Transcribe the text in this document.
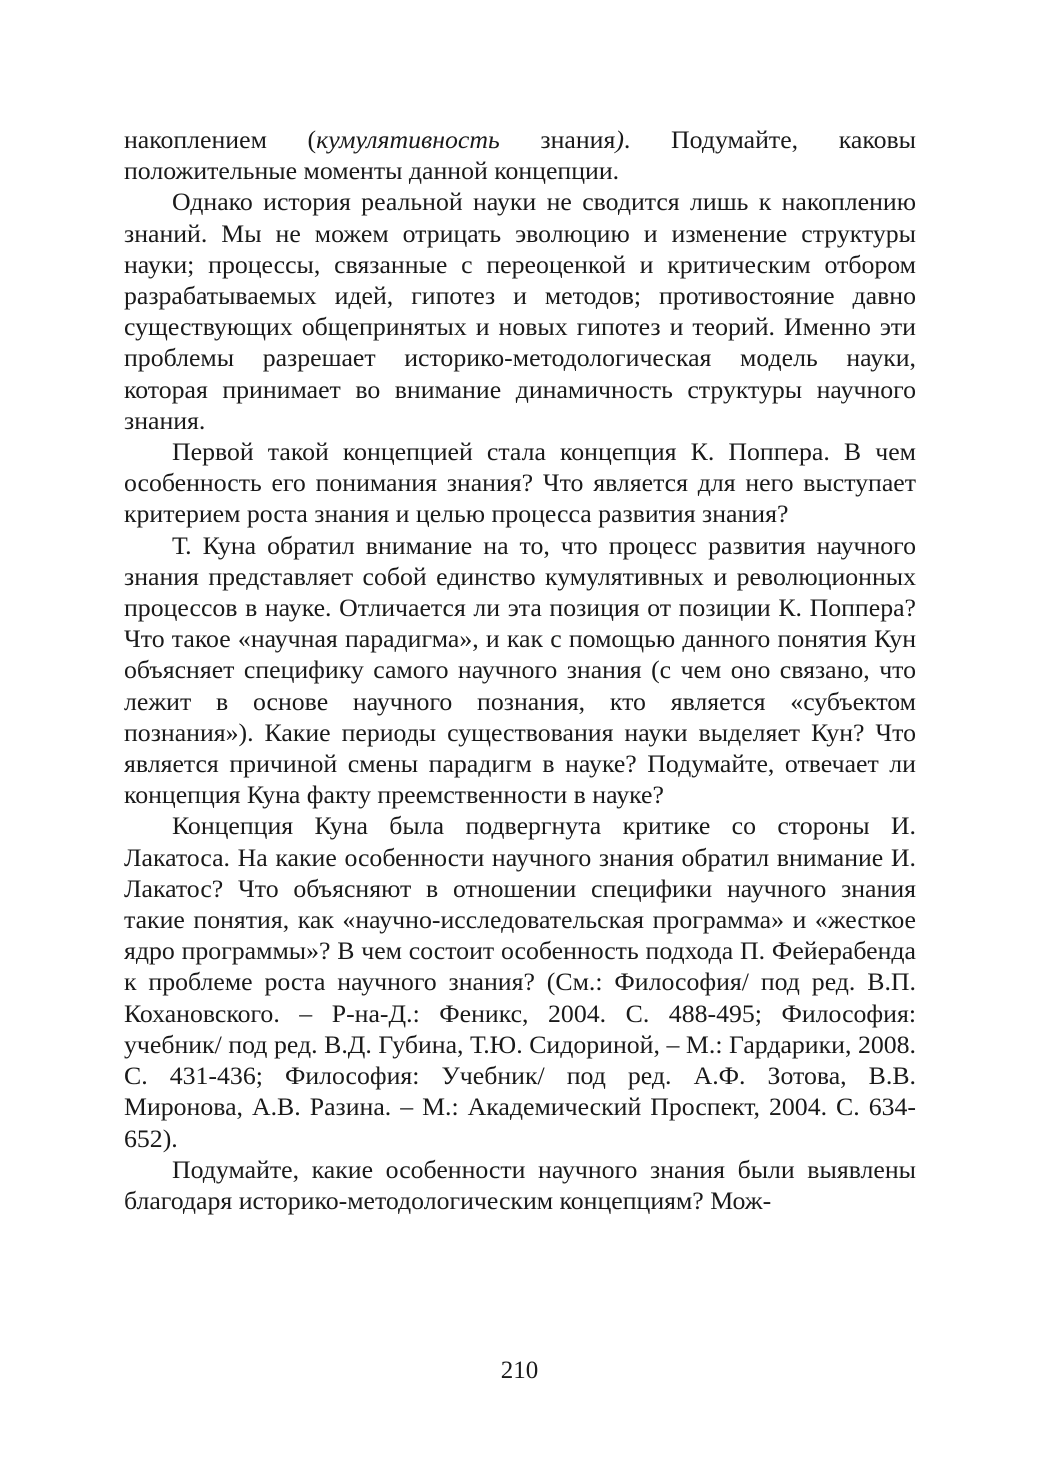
накоплением (кумулятивность знания). Подумайте, каковы положительные моменты данной концепции.

Однако история реальной науки не сводится лишь к накоплению знаний. Мы не можем отрицать эволюцию и изменение структуры науки; процессы, связанные с переоценкой и критическим отбором разрабатываемых идей, гипотез и методов; противостояние давно существующих общепринятых и новых гипотез и теорий. Именно эти проблемы разрешает историко-методологическая модель науки, которая принимает во внимание динамичность структуры научного знания.

Первой такой концепцией стала концепция К. Поппера. В чем особенность его понимания знания? Что является для него выступает критерием роста знания и целью процесса развития знания?

Т. Куна обратил внимание на то, что процесс развития научного знания представляет собой единство кумулятивных и революционных процессов в науке. Отличается ли эта позиция от позиции К. Поппера? Что такое «научная парадигма», и как с помощью данного понятия Кун объясняет специфику самого научного знания (с чем оно связано, что лежит в основе научного познания, кто является «субъектом познания»). Какие периоды существования науки выделяет Кун? Что является причиной смены парадигм в науке? Подумайте, отвечает ли концепция Куна факту преемственности в науке?

Концепция Куна была подвергнута критике со стороны И. Лакатоса. На какие особенности научного знания обратил внимание И. Лакатос? Что объясняют в отношении специфики научного знания такие понятия, как «научно-исследовательская программа» и «жесткое ядро программы»? В чем состоит особенность подхода П. Фейерабенда к проблеме роста научного знания? (См.: Философия/ под ред. В.П. Кохановского. – Р-на-Д.: Феникс, 2004. С. 488-495; Философия: учебник/ под ред. В.Д. Губина, Т.Ю. Сидориной, – М.: Гардарики, 2008. С. 431-436; Философия: Учебник/ под ред. А.Ф. Зотова, В.В. Миронова, А.В. Разина. – М.: Академический Проспект, 2004. С. 634-652).

Подумайте, какие особенности научного знания были выявлены благодаря историко-методологическим концепциям? Мож-

210
